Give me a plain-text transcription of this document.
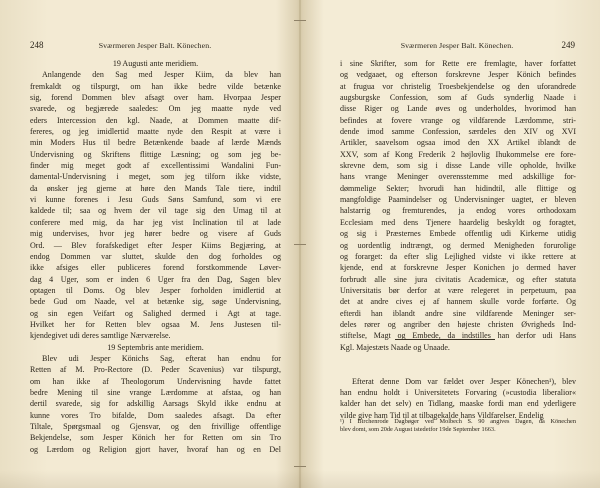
248	Sværmeren Jesper Balt. Könechen.
19 Augusti ante meridiem.
Anlangende den Sag med Jesper Kiim, da blev han
fremkaldt og tilspurgt, om han ikke bedre vilde betænke
sig, forend Dommen blev afsagt over ham. Hvorpaa Jesper
svarede, og begjærede saaledes: Om jeg maatte nyde ved
eders Intercession den kgl. Naade, at Dommen maatte dif-
fereres, og jeg imidlertid maatte nyde den Respit at være i
min Moders Hus til bedre Betænkende baade af lærde Mænds
Undervisning og Skriftens flittige Læsning; og som jeg be-
finder mig meget godt af excellentissimi Wandalini Fun-
damental-Undervisning i meget, som jeg tilforn ikke vidste,
da ønsker jeg gjerne at høre den Mands Tale tiere, indtil
vi kunne forenes i Jesu Guds Søns Samfund, som vi ere
kaldede til; saa og hvem der vil tage sig den Umag til at
conferere med mig, da har jeg vist Inclination til at lade
mig undervises, hvor jeg hører bedre og visere af Guds
Ord. — Blev forafskediget efter Jesper Kiims Begjæring, at
endog Dommen var sluttet, skulde den dog forholdes og
ikke afsiges eller publiceres forend forstkommende Løver-
dag 4 Uger, som er inden 6 Uger fra den Dag, Sagen blev
optagen til Doms. Og blev Jesper forholden imidlertid at
bede Gud om Naade, vel at betænke sig, søge Undervisning,
og sin egen Veifart og Salighed dermed i Agt at tage.
Hvilket her for Retten blev ogsaa M. Jens Justesen til-
kjendegivet udi deres samtlige Nærværelse.
19 Septembris ante meridiem.
Blev udi Jesper Könichs Sag, efterat han endnu for
Retten af M. Pro-Rectore (D. Peder Scavenius) var tilspurgt,
om han ikke af Theologorum Undervisning havde fattet
bedre Mening til sine vrange Lærdomme at afstaa, og han
dertil svarede, sig for adskillig Aarsags Skyld ikke endnu at
kunne vores Tro bifalde, Dom saaledes afsagt. Da efter
Tiltale, Spørgsmaal og Gjensvar, og den frivillige offentlige
Bekjendelse, som Jesper Könich her for Retten om sin Tro
og Lærdom og Religion gjort haver, hvoraf han og en Del
Sværmeren Jesper Balt. Könechen.	249
i sine Skrifter, som for Rette ere fremlagte, haver forfattet
og vedgaaet, og efterson forskrevne Jesper Könich befindes
at frugua vor christelig Troesbekjendelse og den uforandrede
augsburgske Confession, som af Guds synderlig Naade i
disse Riger og Lande øves og underholdes, hvorimod han
befindes at fovere vrange og vildfarende Lærdomme, stri-
dende imod samme Confession, særdeles den XIV og XVI
Artikler, saavelsom ogsaa imod den XX Artikel iblandt de
XXV, som af Kong Frederik 2 højlovlig Ihukommelse ere fore-
skrevne dem, som sig i disse Lande ville opholde, hvilke
hans vrange Meninger overensstemme med adskillige for-
dømmelige Sekter; hvorudi han hidindtil, alle flittige og
mangfoldige Paamindelser og Undervisninger uagtet, er bleven
halstarrig og fremturendes, ja endog vores orthodoxam
Ecclesiam med dens Tjenere haardelig beskyldt og foragtet,
og sig i Præsternes Embede offentlig udi Kirkerne utidig
og uordentlig indtrængt, og dermed Menigheden forurolige
og forarget: da efter slig Lejlighed vidste vi ikke rettere at
kjende, end at forskrevne Jesper Konichen jo dermed haver
forbrudt alle sine jura civitatis Academicæ, og efter statuta
Universitatis bør derfor at være relegeret in perpetuum, paa
det at andre cives ej af hannem skulle vorde forførte. Og
efterdi han iblandt andre sine vildfarende Meninger ser-
deles rører og angriber den højeste christen Øvrigheds Ind-
stiftelse, Magt og Embede, da indstilles han derfor udi Hans
Kgl. Majestæts Naade og Unaade.
Efterat denne Dom var fældet over Jesper Könechen¹), blev
han endnu holdt i Universitetets Forvaring (»custodia liberalior«
kalder han det selv) en Tidlang, maaske fordi man end yderligere
vilde give ham Tid til at tilbagekalde hans Vildfarelser. Endelig
¹) I Birchenrode Dagbøger ved Molbech S. 90 angives Dagen, da Könechen
blev domt, som 20de August istedetfor 19de September 1663.
